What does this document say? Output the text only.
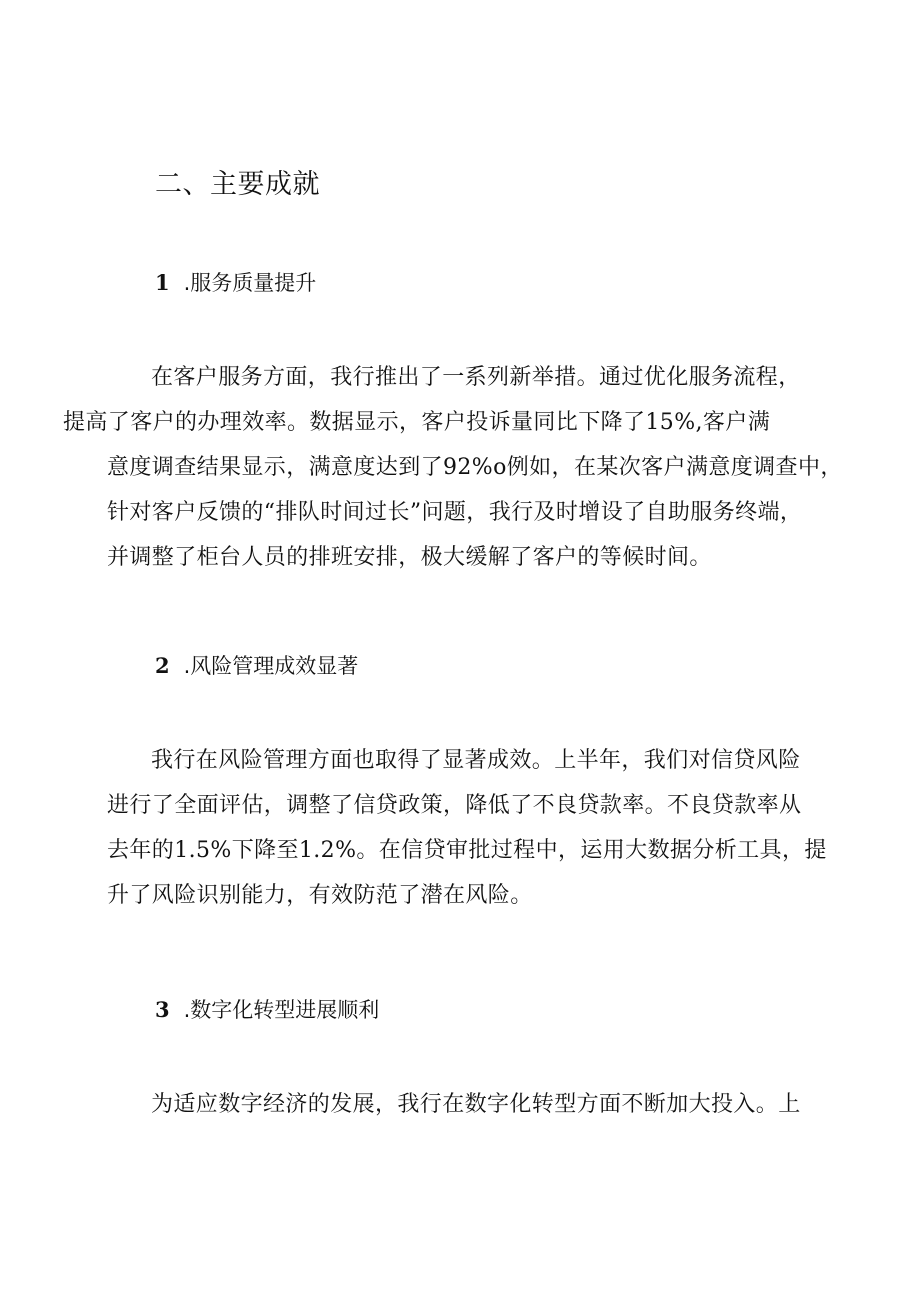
二、主要成就
1 .服务质量提升

在客户服务方面，我行推出了一系列新举措。通过优化服务流程，
提高了客户的办理效率。数据显示，客户投诉量同比下降了15%,客户满
意度调查结果显示，满意度达到了92%o例如，在某次客户满意度调查中，
针对客户反馈的“排队时间过长”问题，我行及时增设了自助服务终端，
并调整了柜台人员的排班安排，极大缓解了客户的等候时间。

2 .风险管理成效显著

我行在风险管理方面也取得了显著成效。上半年，我们对信贷风险
进行了全面评估，调整了信贷政策，降低了不良贷款率。不良贷款率从
去年的1.5%下降至1.2%。在信贷审批过程中，运用大数据分析工具，提
升了风险识别能力，有效防范了潜在风险。

3 .数字化转型进展顺利

为适应数字经济的发展，我行在数字化转型方面不断加大投入。上
